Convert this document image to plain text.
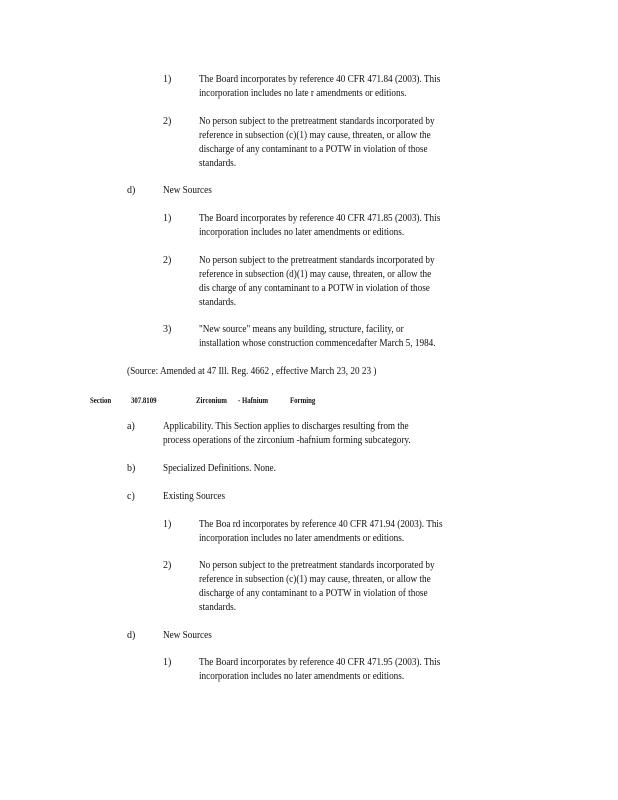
1)	The Board incorporates by reference 40 CFR 471.84 (2003). This
incorporation includes no late r amendments or editions.
2)	No person subject to the pretreatment standards incorporated by
reference in subsection (c)(1) may cause, threaten, or allow the
discharge of any contaminant to a POTW in violation of those
standards.
d)	New Sources
1)	The Board incorporates by reference 40 CFR 471.85 (2003). This
incorporation includes no later amendments or editions.
2)	No person subject to the pretreatment standards incorporated by
reference in subsection (d)(1) may cause, threaten, or allow the
dis charge of any contaminant to a POTW in violation of those
standards.
3)	"New source" means any building, structure, facility, or
installation whose construction commencedafter March 5, 1984.
(Source: Amended at 47 Ill. Reg. 4662 , effective March 23, 20 23 )
Section 307.8109	Zirconium - Hafnium	Forming
a)	Applicability. This Section applies to discharges resulting from the
process operations of the zirconium -hafnium forming subcategory.
b)	Specialized Definitions. None.
c)	Existing Sources
1)	The Boa rd incorporates by reference 40 CFR 471.94 (2003). This
incorporation includes no later amendments or editions.
2)	No person subject to the pretreatment standards incorporated by
reference in subsection (c)(1) may cause, threaten, or allow the
discharge of any contaminant to a POTW in violation of those
standards.
d)	New Sources
1)	The Board incorporates by reference 40 CFR 471.95 (2003). This
incorporation includes no later amendments or editions.
